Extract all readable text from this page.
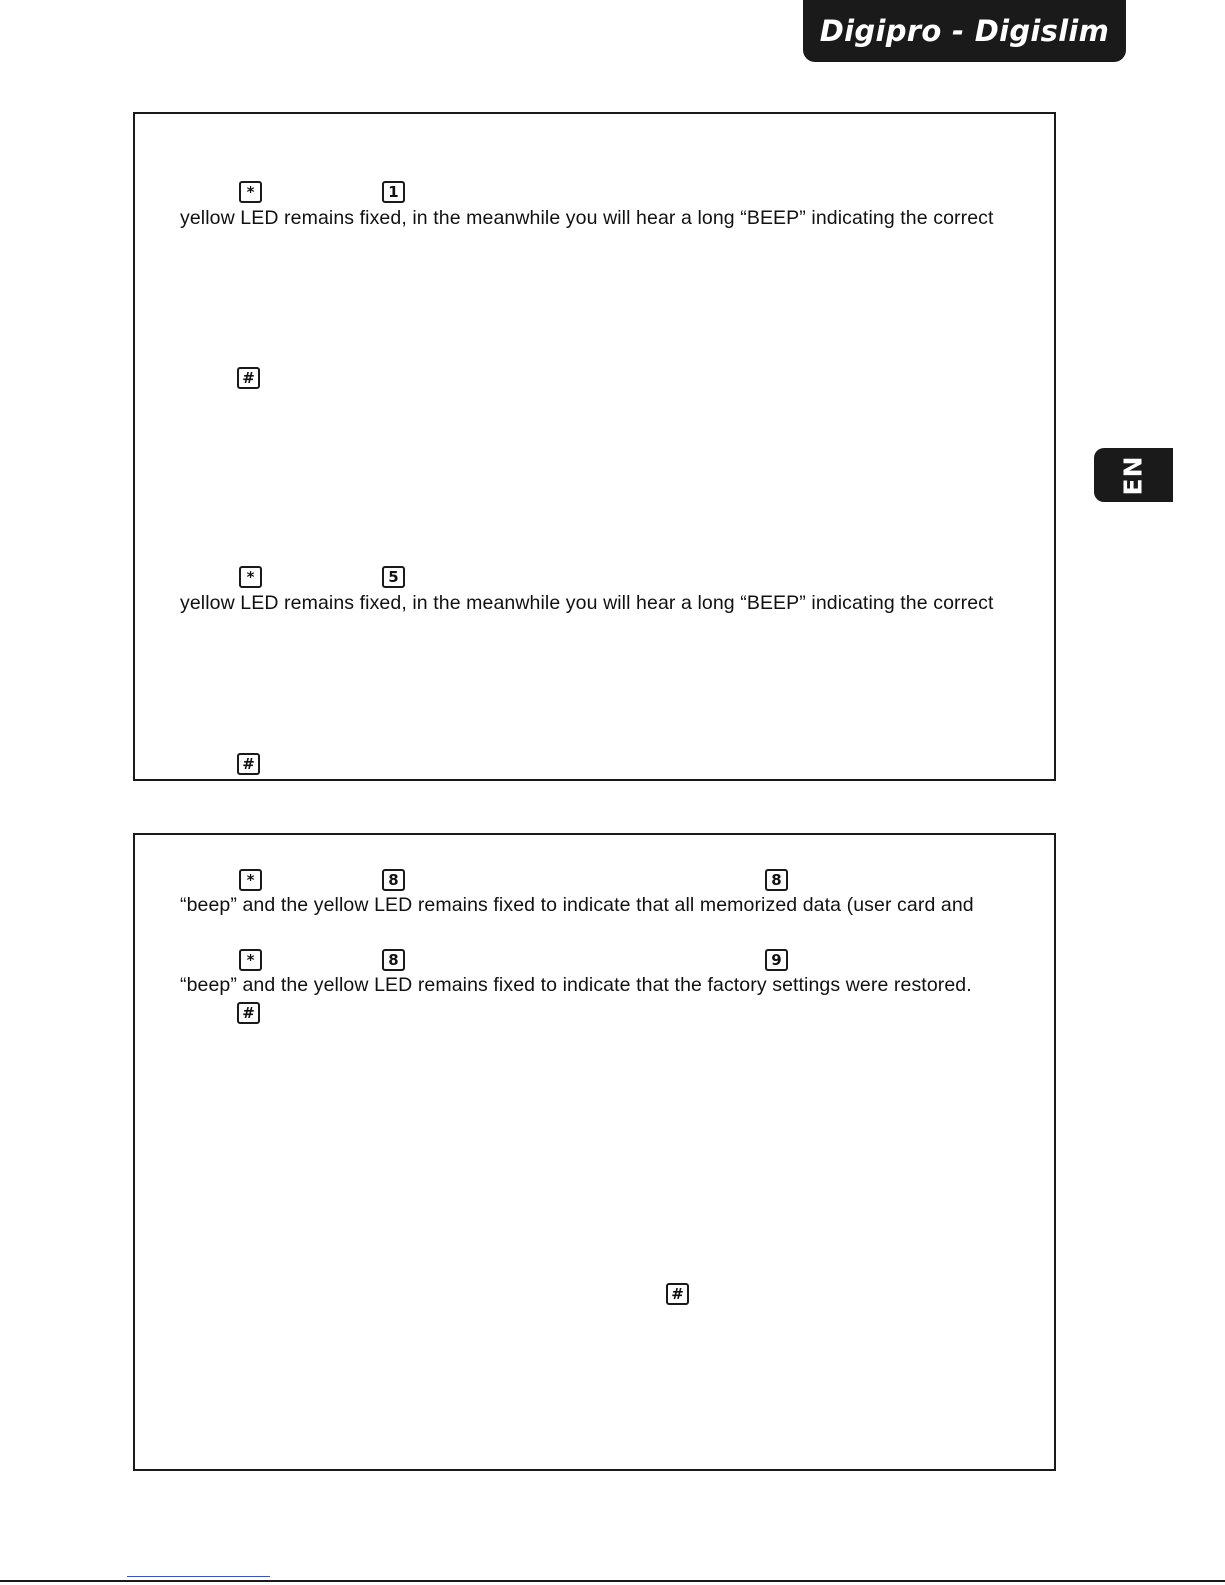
Digipro - Digislim
EN
*	1
yellow LED remains fixed, in the meanwhile you will hear a long “BEEP” indicating the correct
#
*	5
yellow LED remains fixed, in the meanwhile you will hear a long “BEEP” indicating the correct
#
*	8	8
“beep” and the yellow LED remains fixed to indicate that all memorized data (user card and
*	8	9
“beep” and the yellow LED remains fixed to indicate that the factory settings were restored.
#
#
